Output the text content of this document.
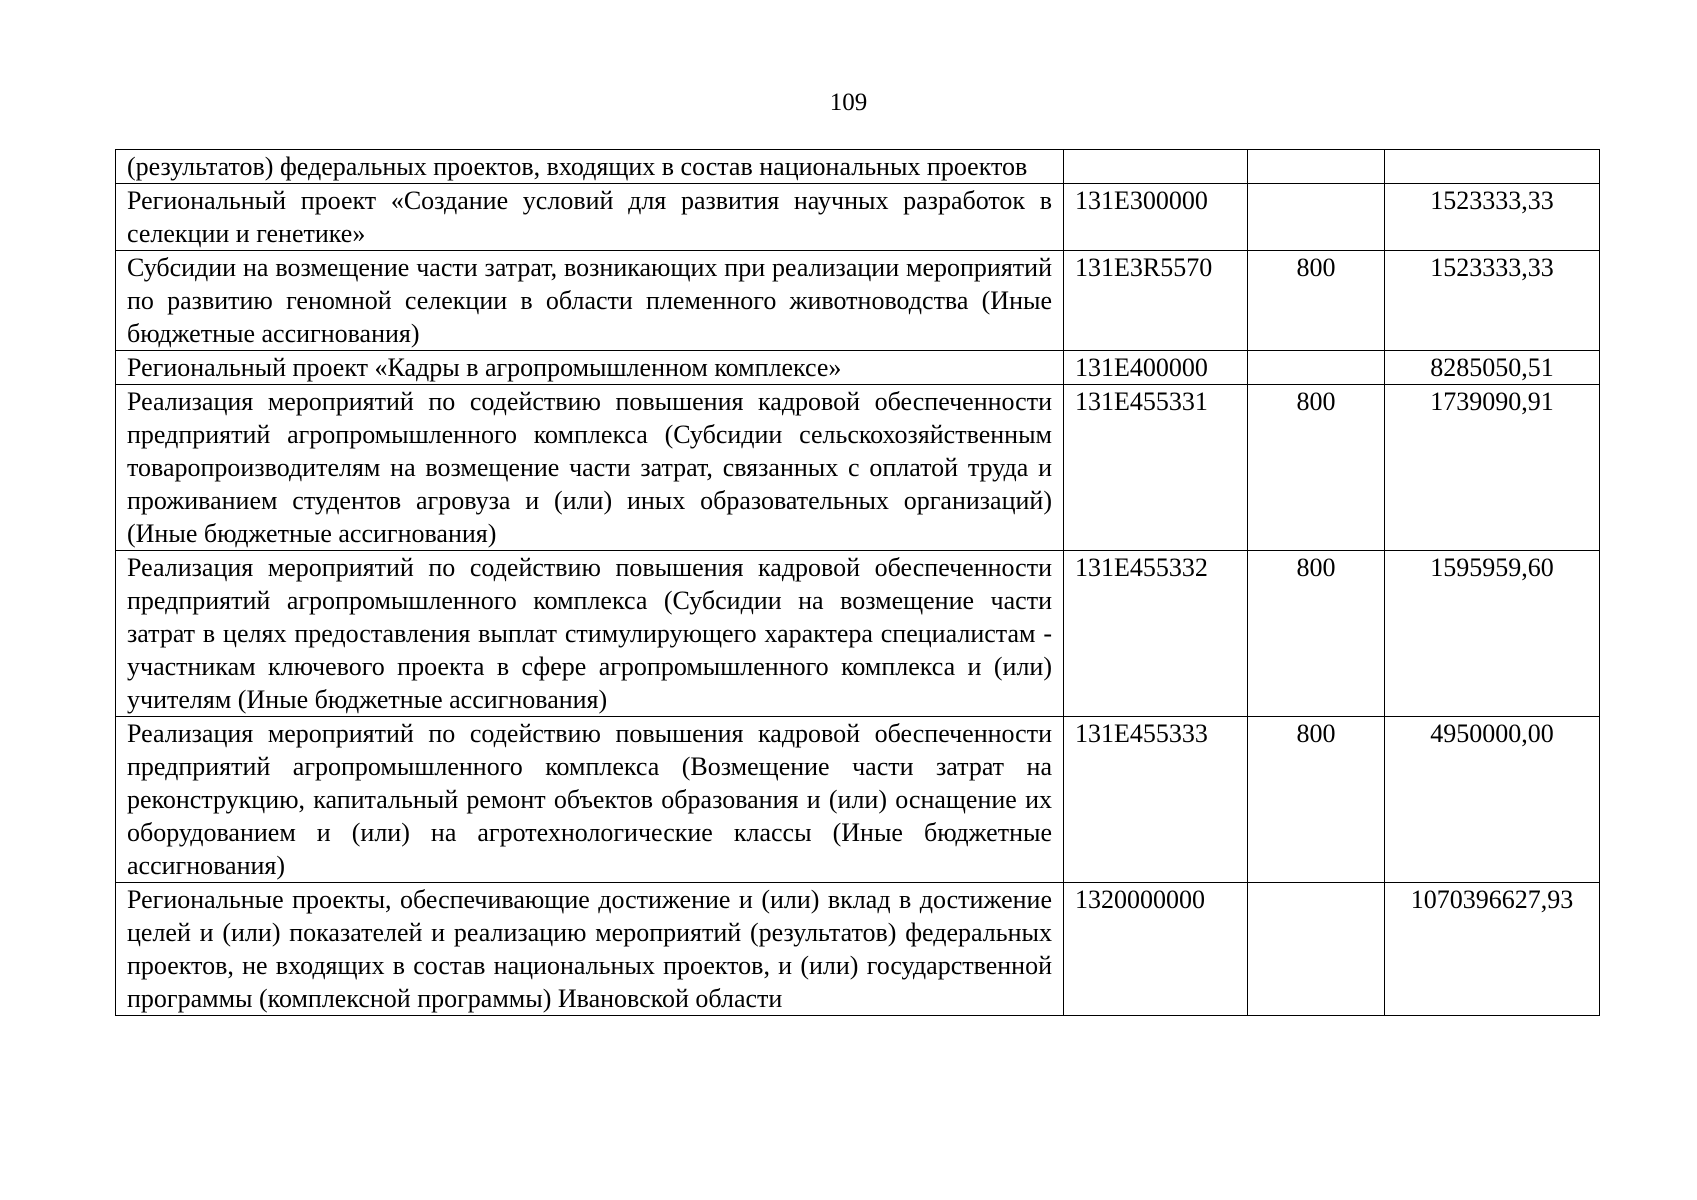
109
(результатов) федеральных проектов, входящих в состав национальных проектов			
Региональный проект «Создание условий для развития научных разработок в селекции и генетике»	131E300000		1523333,33
Субсидии на возмещение части затрат, возникающих при реализации мероприятий по развитию геномной селекции в области племенного животноводства (Иные бюджетные ассигнования)	131E3R5570	800	1523333,33
Региональный проект «Кадры в агропромышленном комплексе»	131E400000		8285050,51
Реализация мероприятий по содействию повышения кадровой обеспеченности предприятий агропромышленного комплекса (Субсидии сельскохозяйственным товаропроизводителям на возмещение части затрат, связанных с оплатой труда и проживанием студентов агровуза и (или) иных образовательных организаций) (Иные бюджетные ассигнования)	131E455331	800	1739090,91
Реализация мероприятий по содействию повышения кадровой обеспеченности предприятий агропромышленного комплекса (Субсидии на возмещение части затрат в целях предоставления выплат стимулирующего характера специалистам - участникам ключевого проекта в сфере агропромышленного комплекса и (или) учителям (Иные бюджетные ассигнования)	131E455332	800	1595959,60
Реализация мероприятий по содействию повышения кадровой обеспеченности предприятий агропромышленного комплекса (Возмещение части затрат на реконструкцию, капитальный ремонт объектов образования и (или) оснащение их оборудованием и (или) на агротехнологические классы (Иные бюджетные ассигнования)	131E455333	800	4950000,00
Региональные проекты, обеспечивающие достижение и (или) вклад в достижение целей и (или) показателей и реализацию мероприятий (результатов) федеральных проектов, не входящих в состав национальных проектов, и (или) государственной программы (комплексной программы) Ивановской области	1320000000		1070396627,93
